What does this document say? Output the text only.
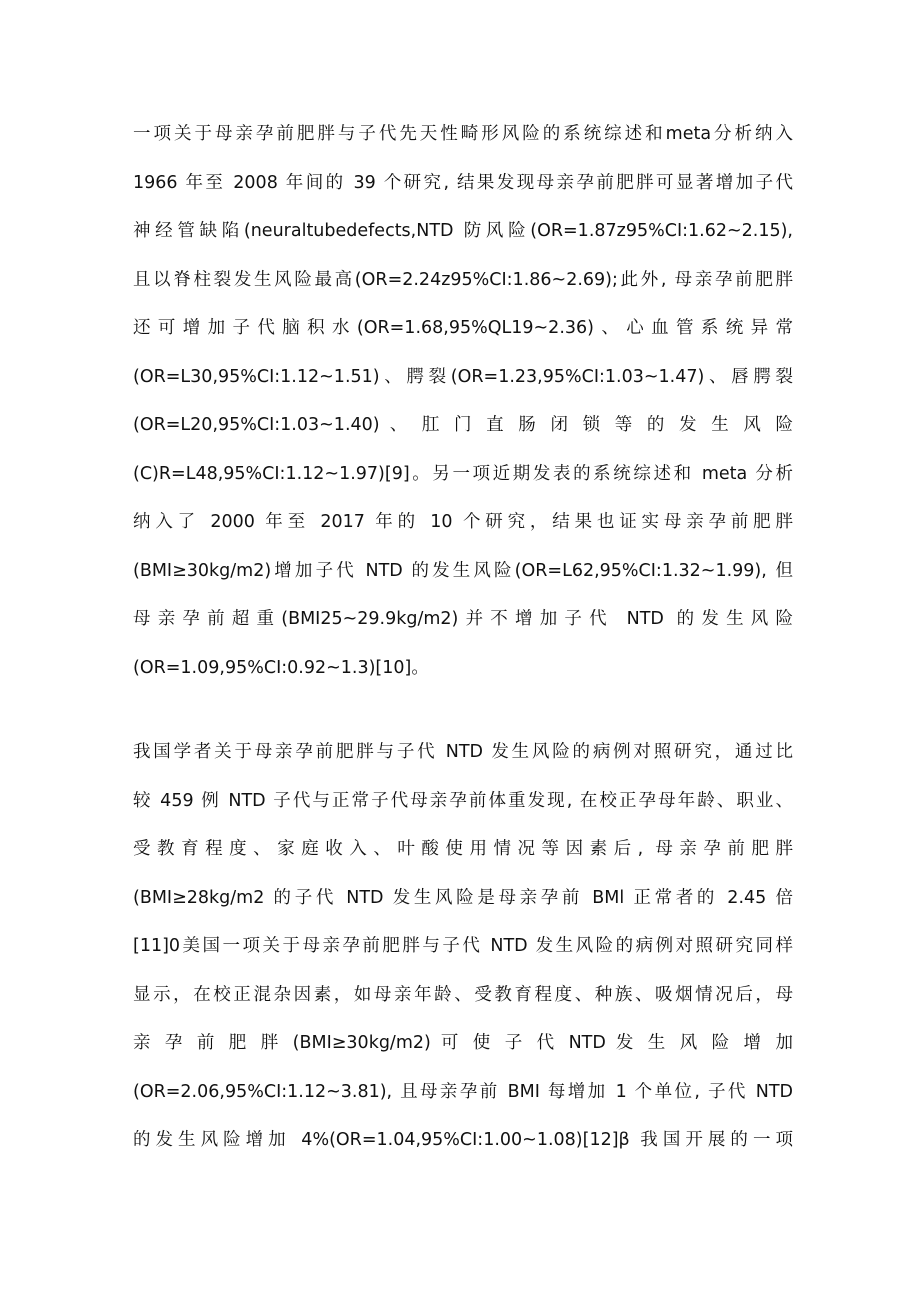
一项关于母亲孕前肥胖与子代先天性畸形风险的系统综述和meta分析纳入
1966 年至 2008 年间的 39 个研究, 结果发现母亲孕前肥胖可显著增加子代
神经管缺陷(neuraltubedefects,NTD 防风险(OR=1.87z95%CI:1.62~2.15),
且以脊柱裂发生风险最高(OR=2.24z95%CI:1.86~2.69);此外, 母亲孕前肥胖
还可增加子代脑积水(OR=1.68,95%QL19~2.36)、心血管系统异常
(OR=L30,95%CI:1.12~1.51)、腭裂(OR=1.23,95%CI:1.03~1.47)、唇腭裂
(OR=L20,95%CI:1.03~1.40) 、 肛 门 直 肠 闭 锁 等 的 发 生 风 险
(C)R=L48,95%CI:1.12~1.97)[9]。另一项近期发表的系统综述和 meta 分析
纳入了 2000 年至 2017 年的 10 个研究，结果也证实母亲孕前肥胖
(BMI≥30kg/m2)增加子代 NTD 的发生风险(OR=L62,95%CI:1.32~1.99), 但
母亲孕前超重(BMI25~29.9kg/m2)并不增加子代 NTD 的发生风险
(OR=1.09,95%CI:0.92~1.3)[10]。
我国学者关于母亲孕前肥胖与子代 NTD 发生风险的病例对照研究，通过比
较 459 例 NTD 子代与正常子代母亲孕前体重发现, 在校正孕母年龄、职业、
受教育程度、家庭收入、叶酸使用情况等因素后, 母亲孕前肥胖
(BMI≥28kg/m2 的子代 NTD 发生风险是母亲孕前 BMl 正常者的 2.45 倍
[11]0美国一项关于母亲孕前肥胖与子代 NTD 发生风险的病例对照研究同样
显示，在校正混杂因素，如母亲年龄、受教育程度、种族、吸烟情况后，母
亲 孕 前 肥 胖 (BMI≥30kg/m2) 可 使 子 代 NTD 发 生 风 险 增 加
(OR=2.06,95%CI:1.12~3.81), 且母亲孕前 BMI 每增加 1 个单位, 子代 NTD
的发生风险增加 4%(OR=1.04,95%CI:1.00~1.08)[12]β 我国开展的一项
